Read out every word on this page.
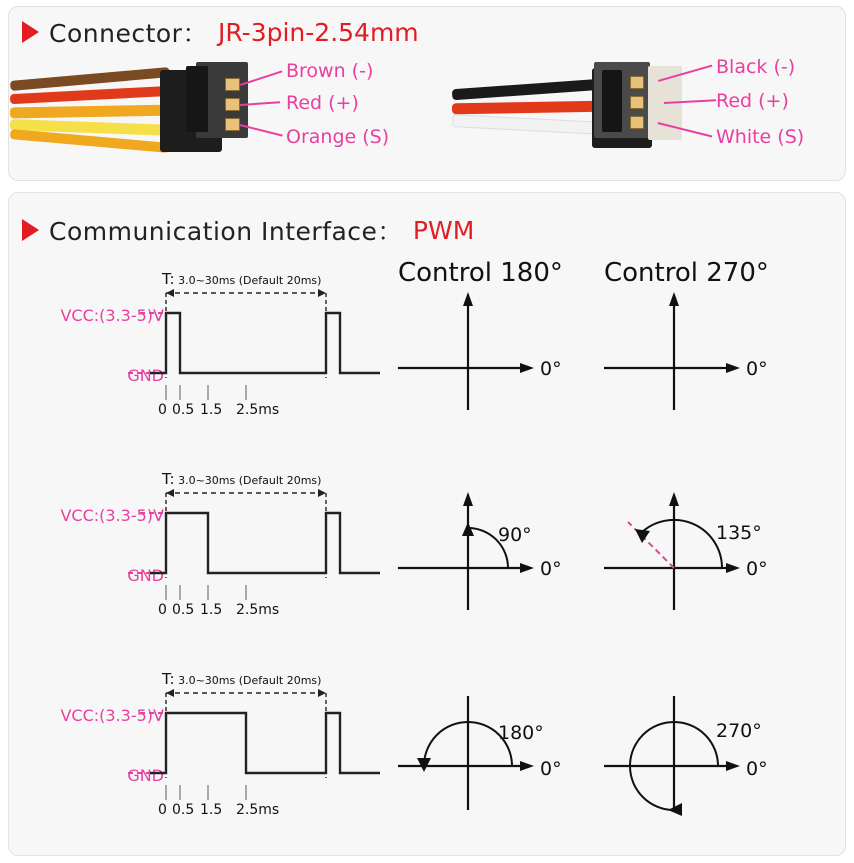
Connector： JR-3pin-2.54mm
Brown (-)
Red (+)
Orange (S)
Black (-)
Red (+)
White (S)
Communication Interface： PWM
Control 180° Control 270°
T: 3.0~30ms (Default 20ms)
VCC:(3.3-5)V
GND
0 0.5 1.5 2.5ms
0°	0°
T: 3.0~30ms (Default 20ms)
VCC:(3.3-5)V
GND
0 0.5 1.5 2.5ms
90°
0°
135°
0°
T: 3.0~30ms (Default 20ms)
VCC:(3.3-5)V
GND
0 0.5 1.5 2.5ms
180°
0°
270°
0°
